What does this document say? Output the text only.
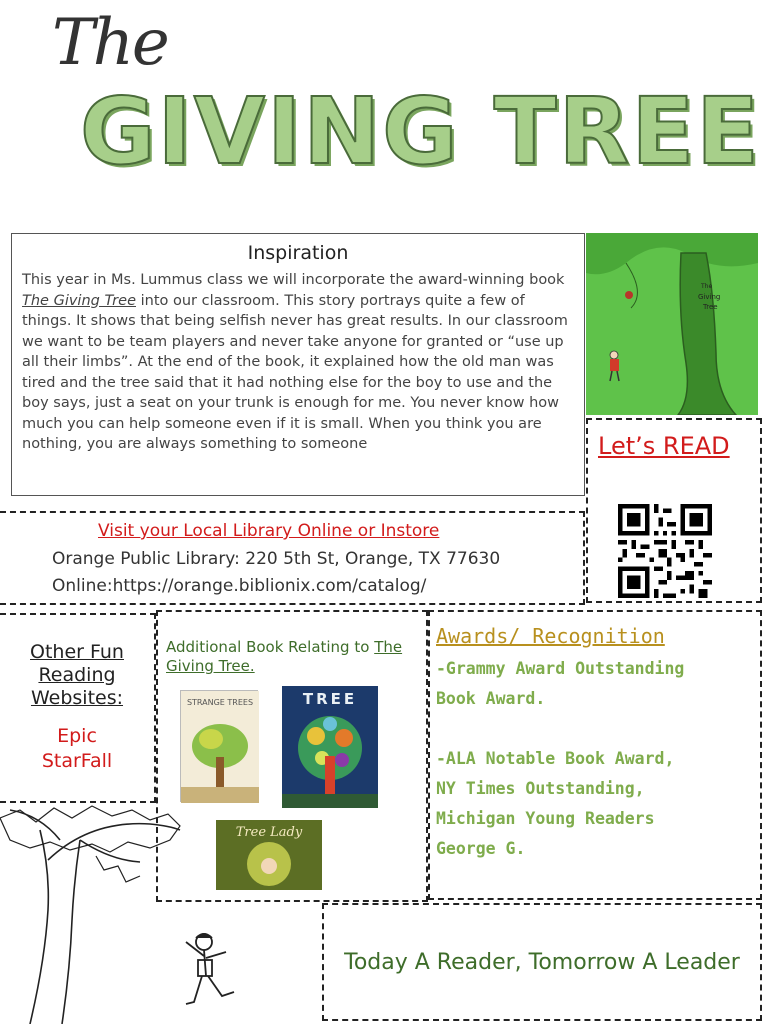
The
GIVING TREE
Inspiration
This year in Ms. Lummus class we will incorporate the award-winning book The Giving Tree into our classroom. This story portrays quite a few of things. It shows that being selfish never has great results. In our classroom we want to be team players and never take anyone for granted or “use up all their limbs”. At the end of the book, it explained how the old man was tired and the tree said that it had nothing else for the boy to use and the boy says, just a seat on your trunk is enough for me. You never know how much you can help someone even if it is small. When you think you are nothing, you are always something to someone
The
Giving
Tree
Let’s READ
Visit your Local Library Online or Instore
Orange Public Library: 220 5th St, Orange, TX 77630
Online:https://orange.biblionix.com/catalog/
Other Fun
Reading
Websites:
Epic
StarFall
Additional Book Relating to The Giving Tree.
STRANGE TREES	TREE
Tree Lady
Awards/ Recognition
-Grammy Award Outstanding
Book Award.
-ALA Notable Book Award,
NY Times Outstanding,
Michigan Young Readers
George G.
Today A Reader, Tomorrow A Leader
